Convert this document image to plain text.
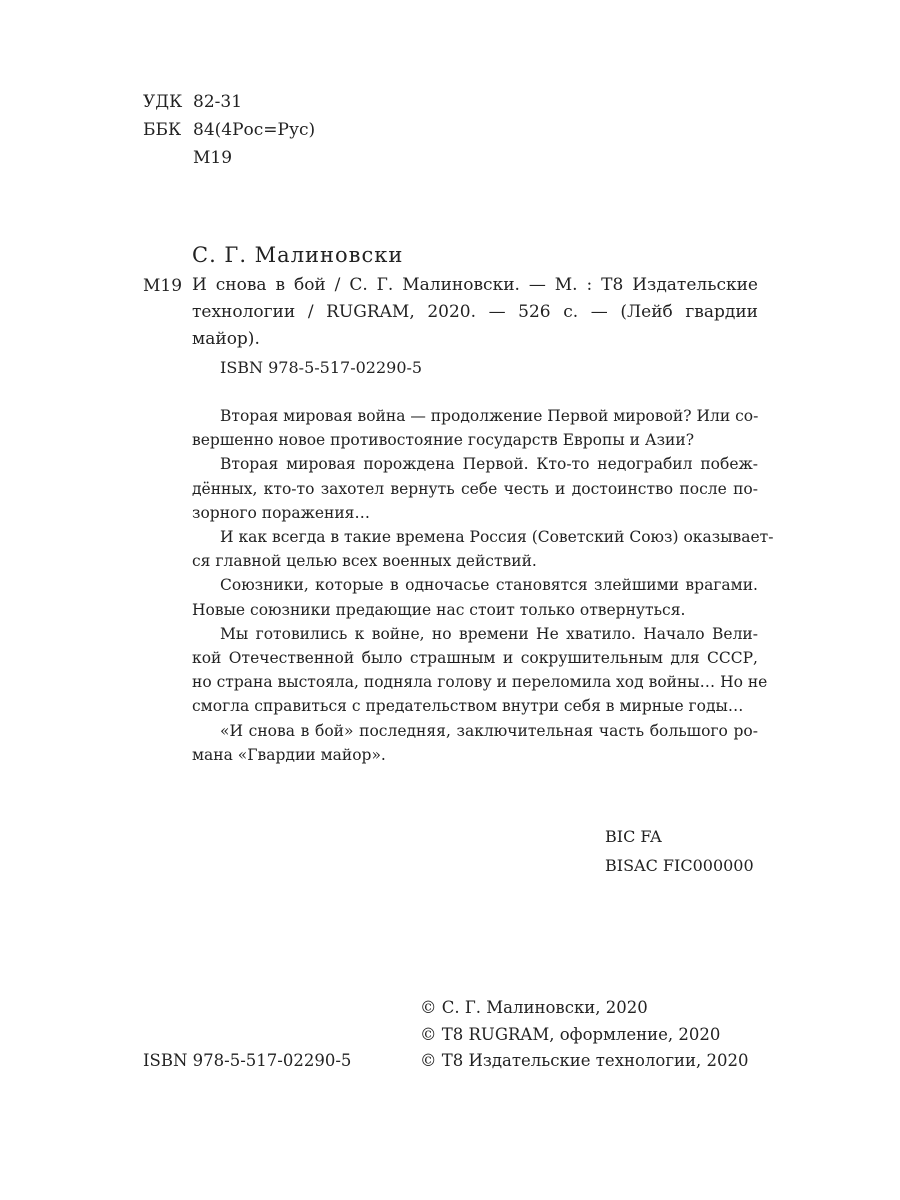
УДК 82-31
ББК 84(4Рос=Рус)
М19
С. Г. Малиновски
М19 И снова в бой / С. Г. Малиновски. — М. : Т8 Издательские
технологии / RUGRAM, 2020. — 526 с. — (Лейб гвардии майор).
ISBN 978-5-517-02290-5
Вторая мировая война — продолжение Первой мировой? Или со-
вершенно новое противостояние государств Европы и Азии?
Вторая мировая порождена Первой. Кто-то недограбил побеж-
дённых, кто-то захотел вернуть себе честь и достоинство после по-
зорного поражения…
И как всегда в такие времена Россия (Советский Союз) оказывает-
ся главной целью всех военных действий.
Союзники, которые в одночасье становятся злейшими врагами.
Новые союзники предающие нас стоит только отвернуться.
Мы готовились к войне, но времени Не хватило. Начало Вели-
кой Отечественной было страшным и сокрушительным для СССР,
но страна выстояла, подняла голову и переломила ход войны… Но не
смогла справиться с предательством внутри себя в мирные годы…
«И снова в бой» последняя, заключительная часть большого ро-
мана «Гвардии майор».
BIC FA
BISAC FIC000000
© С. Г. Малиновски, 2020
© Т8 RUGRAM, оформление, 2020
© Т8 Издательские технологии, 2020
ISBN 978-5-517-02290-5
